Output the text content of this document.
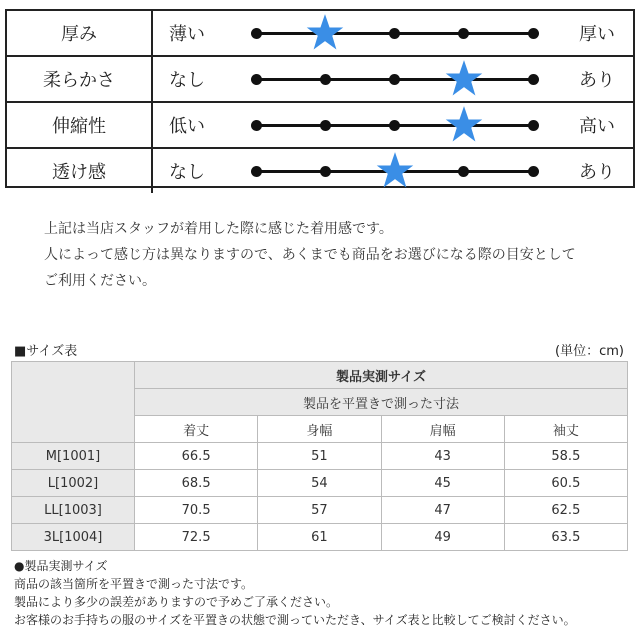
厚み	薄い	厚い
柔らかさ	なし	あり
伸縮性	低い	高い
透け感	なし	あり
上記は当店スタッフが着用した際に感じた着用感です。
人によって感じ方は異なりますので、あくまでも商品をお選びになる際の目安として
ご利用ください。
■サイズ表	(単位：cm)
	製品実測サイズ			
	製品を平置きで測った寸法			
	着丈	身幅	肩幅	袖丈
M[1001]	66.5	51	43	58.5
L[1002]	68.5	54	45	60.5
LL[1003]	70.5	57	47	62.5
3L[1004]	72.5	61	49	63.5
●製品実測サイズ
商品の該当箇所を平置きで測った寸法です。
製品により多少の誤差がありますので予めご了承ください。
お客様のお手持ちの服のサイズを平置きの状態で測っていただき、サイズ表と比較してご検討ください。
